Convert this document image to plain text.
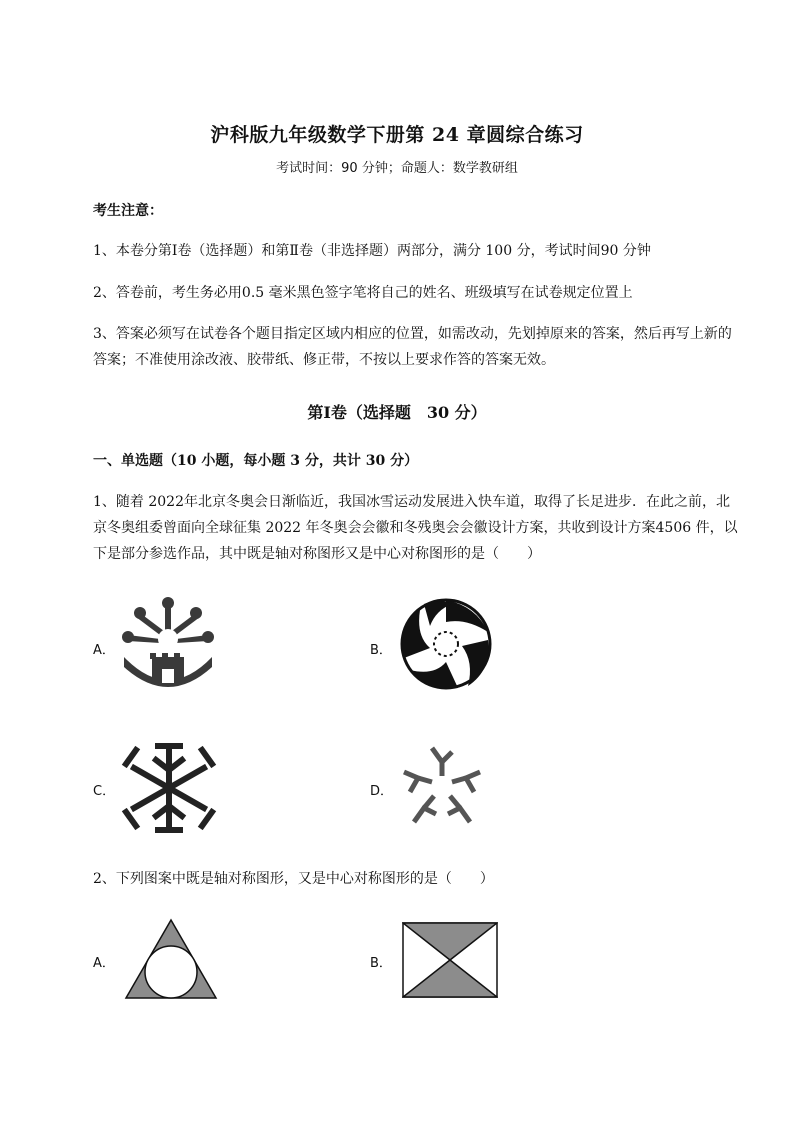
沪科版九年级数学下册第 24 章圆综合练习
考试时间：90 分钟；命题人：数学教研组
考生注意：
1、本卷分第Ⅰ卷（选择题）和第Ⅱ卷（非选择题）两部分，满分 100 分，考试时间90 分钟
2、答卷前，考生务必用0.5 毫米黑色签字笔将自己的姓名、班级填写在试卷规定位置上
3、答案必须写在试卷各个题目指定区域内相应的位置，如需改动，先划掉原来的答案，然后再写上新的答案；不准使用涂改液、胶带纸、修正带，不按以上要求作答的答案无效。
第Ⅰ卷（选择题　30 分）
一、单选题（10 小题，每小题 3 分，共计 30 分）
1、随着 2022年北京冬奥会日渐临近，我国冰雪运动发展进入快车道，取得了长足进步．在此之前，北京冬奥组委曾面向全球征集 2022 年冬奥会会徽和冬残奥会会徽设计方案，共收到设计方案4506 件，以下是部分参选作品，其中既是轴对称图形又是中心对称图形的是（　　）
A．	B．
C．	D．
2、下列图案中既是轴对称图形，又是中心对称图形的是（　　）
A．	B．
